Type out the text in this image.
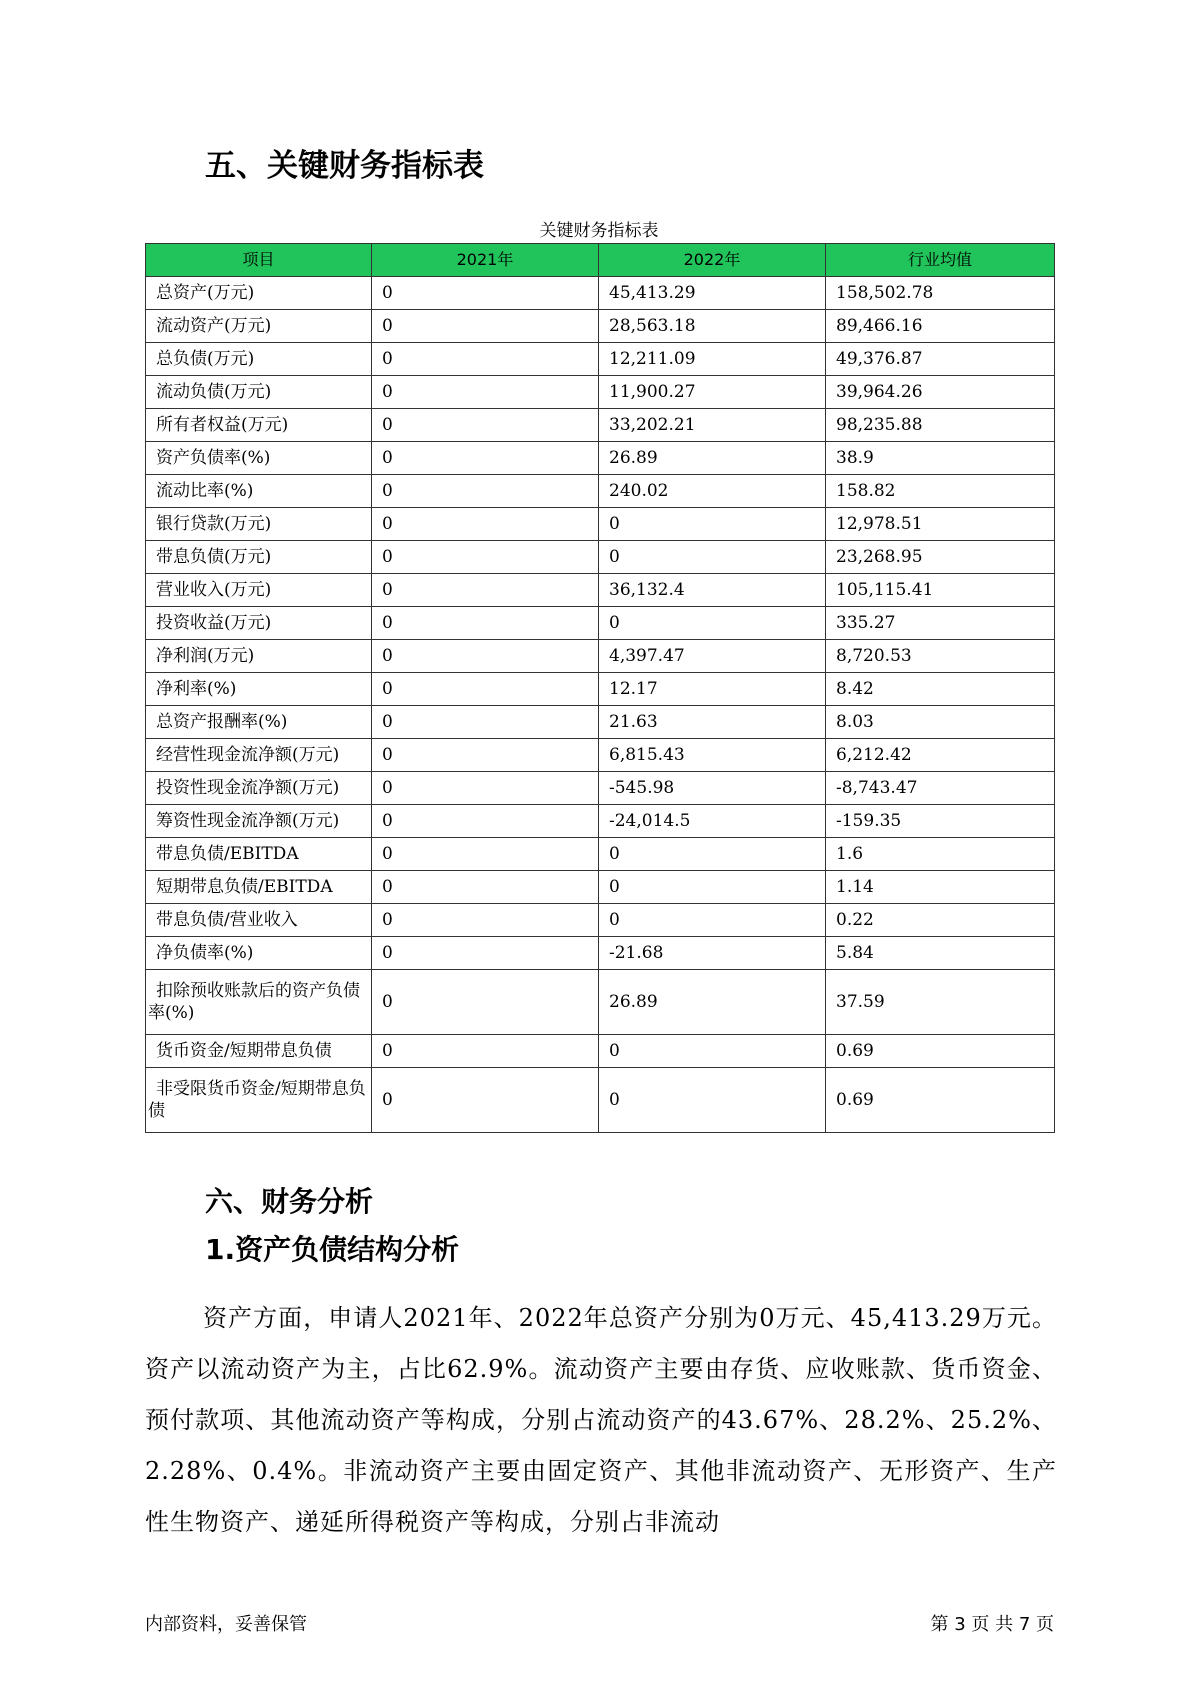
五、关键财务指标表
关键财务指标表
项目	2021年	2022年	行业均值
总资产(万元)	0	45,413.29	158,502.78
流动资产(万元)	0	28,563.18	89,466.16
总负债(万元)	0	12,211.09	49,376.87
流动负债(万元)	0	11,900.27	39,964.26
所有者权益(万元)	0	33,202.21	98,235.88
资产负债率(%)	0	26.89	38.9
流动比率(%)	0	240.02	158.82
银行贷款(万元)	0	0	12,978.51
带息负债(万元)	0	0	23,268.95
营业收入(万元)	0	36,132.4	105,115.41
投资收益(万元)	0	0	335.27
净利润(万元)	0	4,397.47	8,720.53
净利率(%)	0	12.17	8.42
总资产报酬率(%)	0	21.63	8.03
经营性现金流净额(万元)	0	6,815.43	6,212.42
投资性现金流净额(万元)	0	-545.98	-8,743.47
筹资性现金流净额(万元)	0	-24,014.5	-159.35
带息负债/EBITDA	0	0	1.6
短期带息负债/EBITDA	0	0	1.14
带息负债/营业收入	0	0	0.22
净负债率(%)	0	-21.68	5.84
扣除预收账款后的资产负债率(%)	0	26.89	37.59
货币资金/短期带息负债	0	0	0.69
非受限货币资金/短期带息负债	0	0	0.69
六、财务分析
1.资产负债结构分析

资产方面，申请人2021年、2022年总资产分别为0万元、45,413.29万元。资产以流动资产为主，占比62.9%。流动资产主要由存货、应收账款、货币资金、预付款项、其他流动资产等构成，分别占流动资产的43.67%、28.2%、25.2%、2.28%、0.4%。非流动资产主要由固定资产、其他非流动资产、无形资产、生产性生物资产、递延所得税资产等构成，分别占非流动

内部资料，妥善保管	第 3 页 共 7 页
